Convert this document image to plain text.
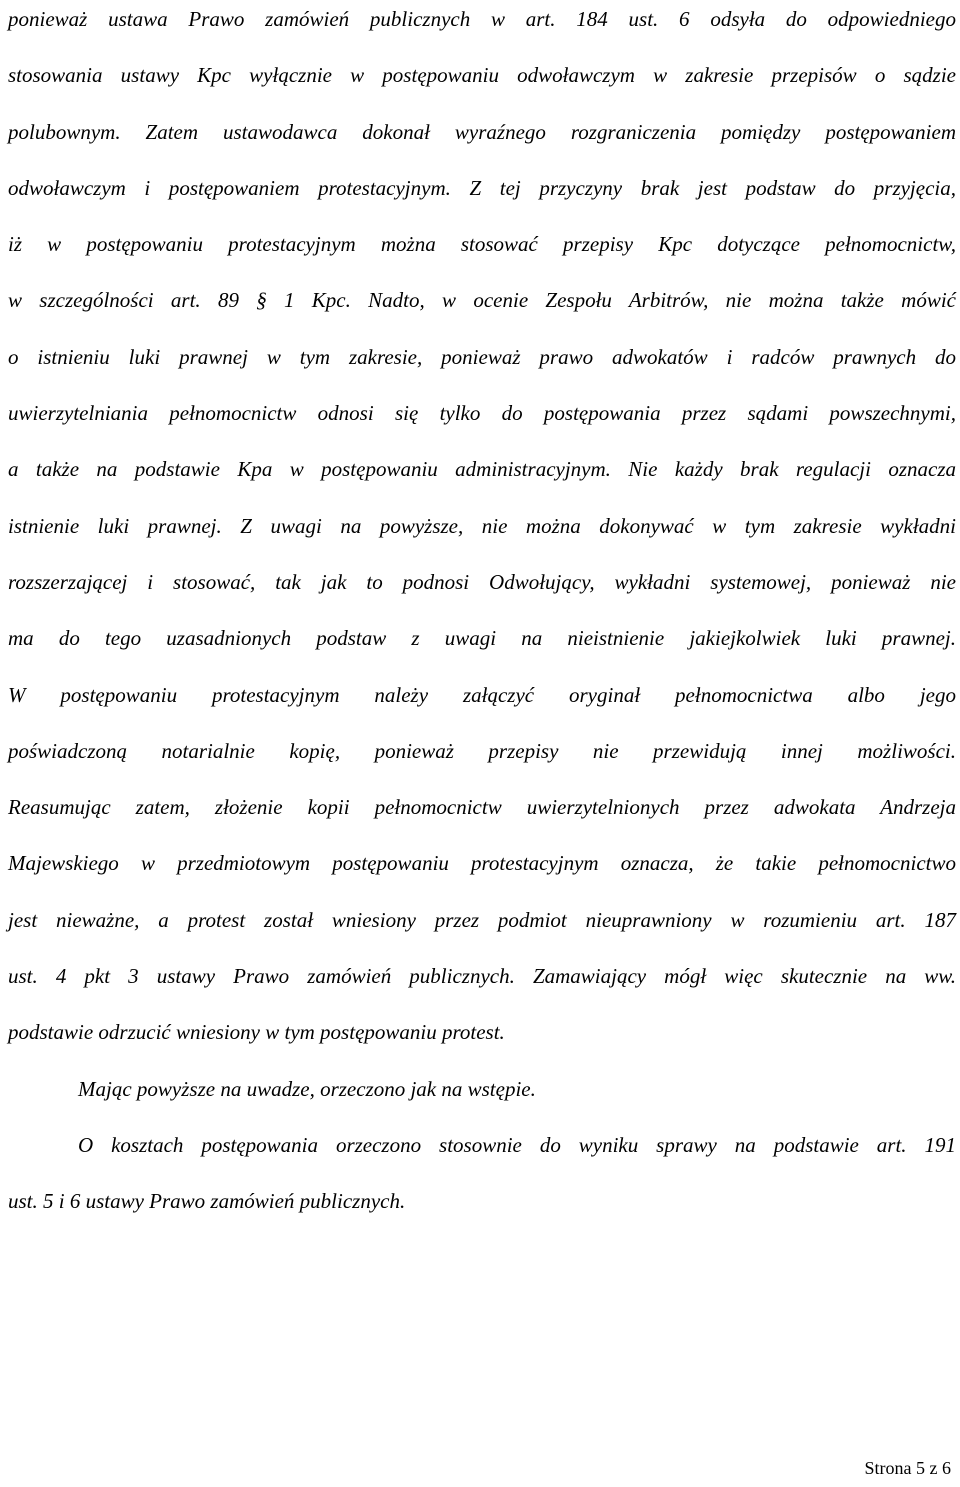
ponieważ ustawa Prawo zamówień publicznych w art. 184 ust. 6 odsyła do odpowiedniego
stosowania ustawy Kpc wyłącznie w postępowaniu odwoławczym w zakresie przepisów o sądzie
polubownym. Zatem ustawodawca dokonał wyraźnego rozgraniczenia pomiędzy postępowaniem
odwoławczym i postępowaniem protestacyjnym. Z tej przyczyny brak jest podstaw do przyjęcia,
iż w postępowaniu protestacyjnym można stosować przepisy Kpc dotyczące pełnomocnictw,
w szczególności art. 89 § 1 Kpc. Nadto, w ocenie Zespołu Arbitrów, nie można także mówić
o istnieniu luki prawnej w tym zakresie, ponieważ prawo adwokatów i radców prawnych do
uwierzytelniania pełnomocnictw odnosi się tylko do postępowania przez sądami powszechnymi,
a także na podstawie Kpa w postępowaniu administracyjnym. Nie każdy brak regulacji oznacza
istnienie luki prawnej. Z uwagi na powyższe, nie można dokonywać w tym zakresie wykładni
rozszerzającej i stosować, tak jak to podnosi Odwołujący, wykładni systemowej, ponieważ nie
ma do tego uzasadnionych podstaw z uwagi na nieistnienie jakiejkolwiek luki prawnej.
W postępowaniu protestacyjnym należy załączyć oryginał pełnomocnictwa albo jego
poświadczoną notarialnie kopię, ponieważ przepisy nie przewidują innej możliwości.
Reasumując zatem, złożenie kopii pełnomocnictw uwierzytelnionych przez adwokata Andrzeja
Majewskiego w przedmiotowym postępowaniu protestacyjnym oznacza, że takie pełnomocnictwo
jest nieważne, a protest został wniesiony przez podmiot nieuprawniony w rozumieniu art. 187
ust. 4 pkt 3 ustawy Prawo zamówień publicznych. Zamawiający mógł więc skutecznie na ww.
podstawie odrzucić wniesiony w tym postępowaniu protest.
Mając powyższe na uwadze, orzeczono jak na wstępie.
O kosztach postępowania orzeczono stosownie do wyniku sprawy na podstawie art. 191
ust. 5 i 6 ustawy Prawo zamówień publicznych.
Strona 5 z 6
